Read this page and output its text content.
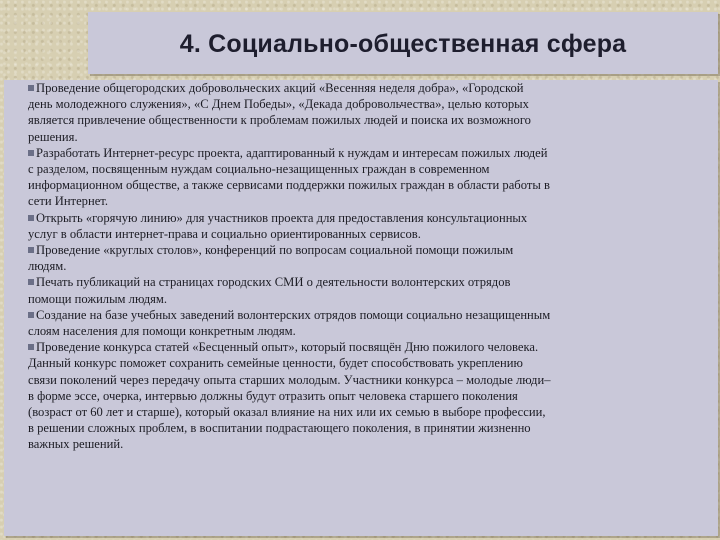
4. Социально-общественная сфера
Проведение общегородских добровольческих акций «Весенняя неделя добра», «Городской
день молодежного служения», «С Днем Победы», «Декада добровольчества», целью которых
является привлечение общественности к проблемам пожилых людей и поиска их возможного
решения.
Разработать Интернет-ресурс проекта, адаптированный к нуждам и интересам пожилых людей
с разделом, посвященным нуждам социально-незащищенных граждан в современном
информационном обществе, а также сервисами поддержки пожилых граждан в области работы в
сети Интернет.
Открыть «горячую линию» для участников проекта для предоставления консультационных
услуг в области интернет-права и социально ориентированных сервисов.
Проведение «круглых столов», конференций по вопросам социальной помощи пожилым
людям.
Печать публикаций на страницах городских СМИ о деятельности волонтерских отрядов
помощи пожилым людям.
Создание на базе учебных заведений волонтерских отрядов помощи социально незащищенным
слоям населения для помощи конкретным людям.
Проведение конкурса статей «Бесценный опыт», который посвящён Дню пожилого человека.
Данный конкурс поможет сохранить семейные ценности, будет способствовать укреплению
связи поколений через передачу опыта старших молодым. Участники конкурса – молодые люди–
в форме эссе, очерка, интервью должны будут отразить опыт человека старшего поколения
(возраст от 60 лет и старше), который оказал влияние на них или их семью в выборе профессии,
в решении сложных проблем, в воспитании подрастающего поколения, в принятии жизненно
важных решений.
